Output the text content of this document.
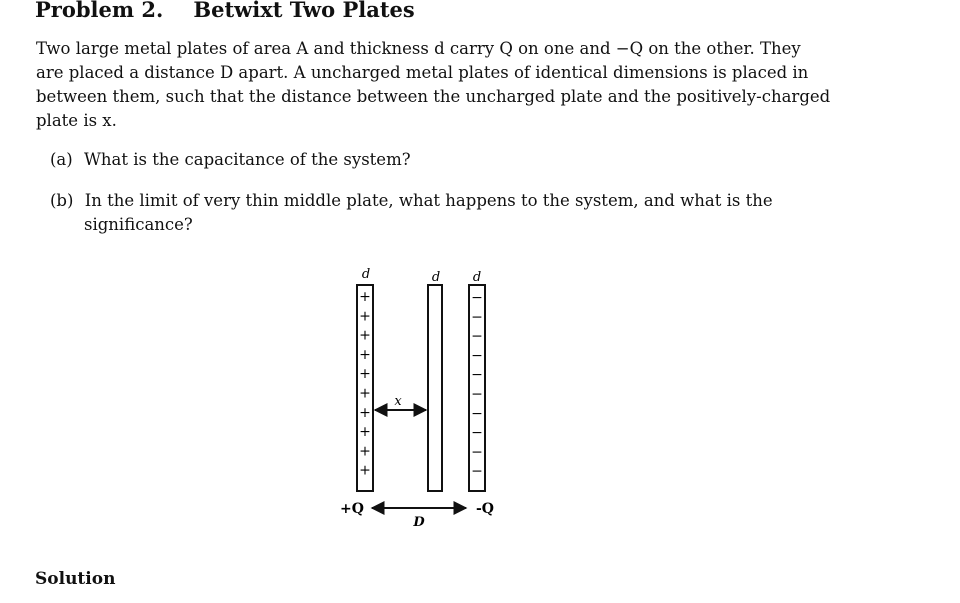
Problem 2. Betwixt Two Plates
Two large metal plates of area A and thickness d carry Q on one and −Q on the other. They
are placed a distance D apart. A uncharged metal plates of identical dimensions is placed in
between them, such that the distance between the uncharged plate and the positively-charged
plate is x.
(a) What is the capacitance of the system?
(b) In the limit of very thin middle plate, what happens to the system, and what is the
significance?
d	d	d
+
+
+
+
+
+
+
+
+
+
−
−
−
−
−
−
−
−
−
−
x
D
+Q	-Q
Solution
